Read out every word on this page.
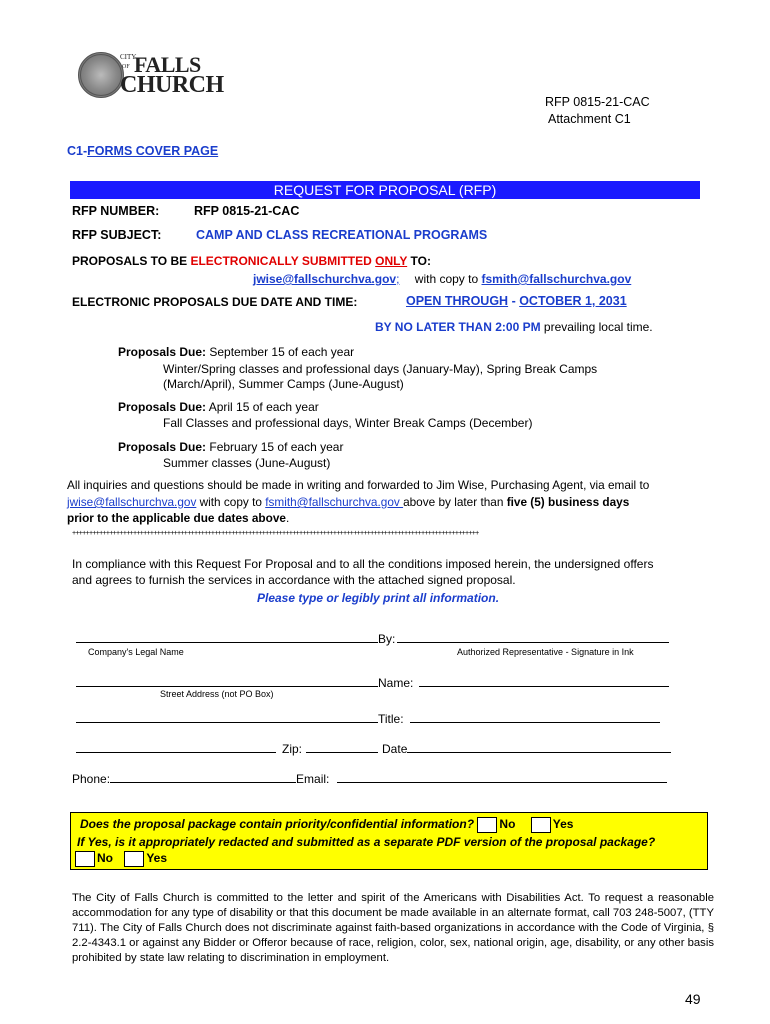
CITY
OF FALLS
CHURCH
RFP 0815-21-CAC
Attachment C1
C1-FORMS COVER PAGE
REQUEST FOR PROPOSAL (RFP)
RFP NUMBER:	RFP 0815-21-CAC
RFP SUBJECT:	CAMP AND CLASS RECREATIONAL PROGRAMS
PROPOSALS TO BE ELECTRONICALLY SUBMITTED ONLY TO:
jwise@fallschurchva.gov; with copy to fsmith@fallschurchva.gov
ELECTRONIC PROPOSALS DUE DATE AND TIME:	OPEN THROUGH - OCTOBER 1, 2031
BY NO LATER THAN 2:00 PM prevailing local time.
Proposals Due: September 15 of each year
Winter/Spring classes and professional days (January-May), Spring Break Camps
(March/April), Summer Camps (June-August)
Proposals Due: April 15 of each year
Fall Classes and professional days, Winter Break Camps (December)
Proposals Due: February 15 of each year
Summer classes (June-August)
All inquiries and questions should be made in writing and forwarded to Jim Wise, Purchasing Agent, via email to
jwise@fallschurchva.gov with copy to fsmith@fallschurchva.gov above by later than five (5) business days
prior to the applicable due dates above.
++++++++++++++++++++++++++++++++++++++++++++++++++++++++++++++++++++++++++++++++++++++++++++++++++++++++++++++++++++++++
In compliance with this Request For Proposal and to all the conditions imposed herein, the undersigned offers
and agrees to furnish the services in accordance with the attached signed proposal.
Please type or legibly print all information.
By:
Company's Legal Name	Authorized Representative - Signature in Ink
Name:
Street Address (not PO Box)
Title:
Zip:	Date
Phone:	Email:
Does the proposal package contain priority/confidential information? No	Yes
If Yes, is it appropriately redacted and submitted as a separate PDF version of the proposal package?
No	Yes
The City of Falls Church is committed to the letter and spirit of the Americans with Disabilities Act. To request a reasonable accommodation for any type of disability or that this document be made available in an alternate format, call 703 248-5007, (TTY 711). The City of Falls Church does not discriminate against faith-based organizations in accordance with the Code of Virginia, § 2.2-4343.1 or against any Bidder or Offeror because of race, religion, color, sex, national origin, age, disability, or any other basis prohibited by state law relating to discrimination in employment.
49
